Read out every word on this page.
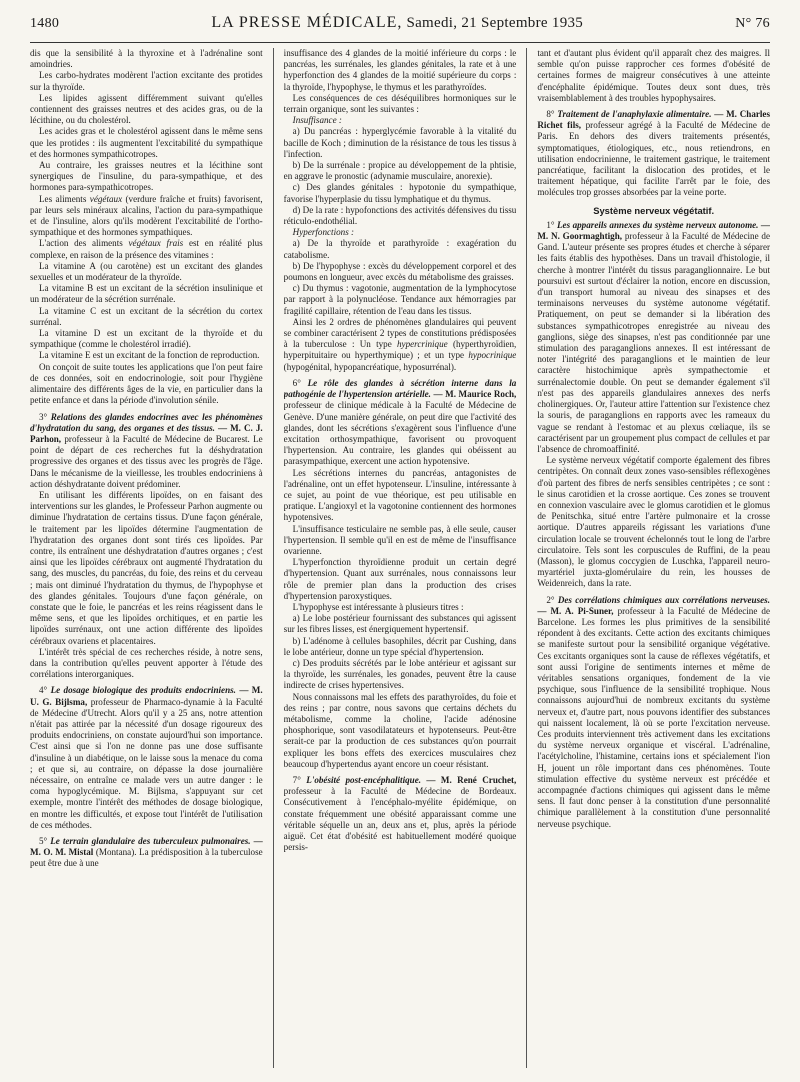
1480	LA PRESSE MÉDICALE, Samedi, 21 Septembre 1935	N° 76

dis que la sensibilité à la thyroxine et à l'adrénaline sont amoindries.

Les carbo-hydrates modèrent l'action excitante des protides sur la thyroïde.

Les lipides agissent différemment suivant qu'elles contiennent des graisses neutres et des acides gras, ou de la lécithine, ou du cholestérol.

Les acides gras et le cholestérol agissent dans le même sens que les protides : ils augmentent l'excitabilité du sympathique et des hormones sympathicotropes.

Au contraire, les graisses neutres et la lécithine sont synergiques de l'insuline, du para-sympathique, et des hormones para-sympathicotropes.

Les aliments végétaux (verdure fraîche et fruits) favorisent, par leurs sels minéraux alcalins, l'action du para-sympathique et de l'insuline, alors qu'ils modèrent l'excitabilité de l'ortho-sympathique et des hormones sympathiques.

L'action des aliments végétaux frais est en réalité plus complexe, en raison de la présence des vitamines :

La vitamine A (ou carotène) est un excitant des glandes sexuelles et un modérateur de la thyroïde.

La vitamine B est un excitant de la sécrétion insulinique et un modérateur de la sécrétion surrénale.

La vitamine C est un excitant de la sécrétion du cortex surrénal.

La vitamine D est un excitant de la thyroïde et du sympathique (comme le cholestérol irradié).

La vitamine E est un excitant de la fonction de reproduction.

On conçoit de suite toutes les applications que l'on peut faire de ces données, soit en endocrinologie, soit pour l'hygiène alimentaire des différents âges de la vie, en particulier dans la petite enfance et dans la période d'involution sénile.

3° Relations des glandes endocrines avec les phénomènes d'hydratation du sang, des organes et des tissus. — M. C. J. Parhon, professeur à la Faculté de Médecine de Bucarest. Le point de départ de ces recherches fut la déshydratation progressive des organes et des tissus avec les progrès de l'âge. Dans le mécanisme de la vieillesse, les troubles endocriniens à action déshydratante doivent prédominer.

En utilisant les différents lipoïdes, on en faisant des interventions sur les glandes, le Professeur Parhon augmente ou diminue l'hydratation de certains tissus. D'une façon générale, le traitement par les lipoïdes détermine l'augmentation de l'hydratation des organes dont sont tirés ces lipoïdes. Par contre, ils entraînent une déshydratation d'autres organes ; c'est ainsi que les lipoïdes cérébraux ont augmenté l'hydratation du sang, des muscles, du pancréas, du foie, des reins et du cerveau ; mais ont diminué l'hydratation du thymus, de l'hypophyse et des glandes génitales. Toujours d'une façon générale, on constate que le foie, le pancréas et les reins réagissent dans le même sens, et que les lipoïdes orchitiques, et en partie les lipoïdes surrénaux, ont une action différente des lipoïdes cérébraux ovariens et placentaires.

L'intérêt très spécial de ces recherches réside, à notre sens, dans la contribution qu'elles peuvent apporter à l'étude des corrélations interorganiques.

4° Le dosage biologique des produits endocriniens. — M. U. G. Bijlsma, professeur de Pharmaco-dynamie à la Faculté de Médecine d'Utrecht. Alors qu'il y a 25 ans, notre attention n'était pas attirée par la nécessité d'un dosage rigoureux des produits endocriniens, on constate aujourd'hui son importance. C'est ainsi que si l'on ne donne pas une dose suffisante d'insuline à un diabétique, on le laisse sous la menace du coma ; et que si, au contraire, on dépasse la dose journalière nécessaire, on entraîne ce malade vers un autre danger : le coma hypoglycémique. M. Bijlsma, s'appuyant sur cet exemple, montre l'intérêt des méthodes de dosage biologique, en montre les difficultés, et expose tout l'intérêt de l'utilisation de ces méthodes.

5° Le terrain glandulaire des tuberculeux pulmonaires. — M. O. M. Mistal (Montana). La prédisposition à la tuberculose peut être due à une

insuffisance des 4 glandes de la moitié inférieure du corps : le pancréas, les surrénales, les glandes génitales, la rate et à une hyperfonction des 4 glandes de la moitié supérieure du corps : la thyroïde, l'hypophyse, le thymus et les parathyroïdes.

Les conséquences de ces déséquilibres hormoniques sur le terrain organique, sont les suivantes :

Insuffisance :

a) Du pancréas : hyperglycémie favorable à la vitalité du bacille de Koch ; diminution de la résistance de tous les tissus à l'infection.

b) De la surrénale : propice au développement de la phtisie, en aggrave le pronostic (adynamie musculaire, anorexie).

c) Des glandes génitales : hypotonie du sympathique, favorise l'hyperplasie du tissu lymphatique et du thymus.

d) De la rate : hypofonctions des activités défensives du tissu réticulo-endothélial.

Hyperfonctions :

a) De la thyroïde et parathyroïde : exagération du catabolisme.

b) De l'hypophyse : excès du développement corporel et des poumons en longueur, avec excès du métabolisme des graisses.

c) Du thymus : vagotonie, augmentation de la lymphocytose par rapport à la polynucléose. Tendance aux hémorragies par fragilité capillaire, rétention de l'eau dans les tissus.

Ainsi les 2 ordres de phénomènes glandulaires qui peuvent se combiner caractérisent 2 types de constitutions prédisposées à la tuberculose : Un type hypercrinique (hyperthyroïdien, hyperpituitaire ou hyperthymique) ; et un type hypocrinique (hypogénital, hypopancréatique, hyposurrénal).

6° Le rôle des glandes à sécrétion interne dans la pathogénie de l'hypertension artérielle. — M. Maurice Roch, professeur de clinique médicale à la Faculté de Médecine de Genève. D'une manière générale, on peut dire que l'activité des glandes, dont les sécrétions s'exagèrent sous l'influence d'une excitation orthosympathique, favorisent ou provoquent l'hypertension. Au contraire, les glandes qui obéissent au parasympathique, exercent une action hypotensive.

Les sécrétions internes du pancréas, antagonistes de l'adrénaline, ont un effet hypotenseur. L'insuline, intéressante à ce sujet, au point de vue théorique, est peu utilisable en pratique. L'angioxyl et la vagotonine contiennent des hormones hypotensives.

L'insuffisance testiculaire ne semble pas, à elle seule, causer l'hypertension. Il semble qu'il en est de même de l'insuffisance ovarienne.

L'hyperfonction thyroïdienne produit un certain degré d'hypertension. Quant aux surrénales, nous connaissons leur rôle de premier plan dans la production des crises d'hypertension paroxystiques.

L'hypophyse est intéressante à plusieurs titres :

a) Le lobe postérieur fournissant des substances qui agissent sur les fibres lisses, est énergiquement hypertensif.

b) L'adénome à cellules basophiles, décrit par Cushing, dans le lobe antérieur, donne un type spécial d'hypertension.

c) Des produits sécrétés par le lobe antérieur et agissant sur la thyroïde, les surrénales, les gonades, peuvent être la cause indirecte de crises hypertensives.

Nous connaissons mal les effets des parathyroïdes, du foie et des reins ; par contre, nous savons que certains déchets du métabolisme, comme la choline, l'acide adénosine phosphorique, sont vasodilatateurs et hypotenseurs. Peut-être serait-ce par la production de ces substances qu'on pourrait expliquer les bons effets des exercices musculaires chez beaucoup d'hypertendus ayant encore un coeur résistant.

7° L'obésité post-encéphalitique. — M. René Cruchet, professeur à la Faculté de Médecine de Bordeaux. Consécutivement à l'encéphalo-myélite épidémique, on constate fréquemment une obésité apparaissant comme une véritable séquelle un an, deux ans et, plus, après la période aiguë. Cet état d'obésité est habituellement modéré quoique persis-

tant et d'autant plus évident qu'il apparaît chez des maigres. Il semble qu'on puisse rapprocher ces formes d'obésité de certaines formes de maigreur consécutives à une atteinte d'encéphalite épidémique. Toutes deux sont dues, très vraisemblablement à des troubles hypophysaires.

8° Traitement de l'anaphylaxie alimentaire. — M. Charles Richet fils, professeur agrégé à la Faculté de Médecine de Paris. En dehors des divers traitements présentés, symptomatiques, étiologiques, etc., nous retiendrons, en utilisation endocrinienne, le traitement gastrique, le traitement pancréatique, facilitant la dislocation des protides, et le traitement hépatique, qui facilite l'arrêt par le foie, des molécules trop grosses absorbées par la veine porte.

Système nerveux végétatif.

1° Les appareils annexes du système nerveux autonome. — M. N. Goormaghtigh, professeur à la Faculté de Médecine de Gand. L'auteur présente ses propres études et cherche à séparer les faits établis des hypothèses. Dans un travail d'histologie, il cherche à montrer l'intérêt du tissus paraganglionnaire. Le but poursuivi est surtout d'éclairer la notion, encore en discussion, d'un transport humoral au niveau des sinapses et des terminaisons nerveuses du système autonome végétatif. Pratiquement, on peut se demander si la libération des substances sympathicotropes enregistrée au niveau des ganglions, siège des sinapses, n'est pas conditionnée par une stimulation des paraganglions annexes. Il est intéressant de noter l'intégrité des paraganglions et le maintien de leur caractère histochimique après sympathectomie et surrénalectomie double. On peut se demander également s'il n'est pas des appareils glandulaires annexes des nerfs cholinergiques. Or, l'auteur attire l'attention sur l'existence chez la souris, de paraganglions en rapports avec les rameaux du vague se rendant à l'estomac et au plexus cœliaque, ils se caractérisent par un groupement plus compact de cellules et par l'absence de chromoaffinité.

Le système nerveux végétatif comporte également des fibres centripètes. On connaît deux zones vaso-sensibles réflexogènes d'où partent des fibres de nerfs sensibles centripètes ; ce sont : le sinus carotidien et la crosse aortique. Ces zones se trouvent en connexion vasculaire avec le glomus carotidien et le glomus de Penitschka, situé entre l'artère pulmonaire et la crosse aortique. D'autres appareils régissant les variations d'une circulation locale se trouvent échelonnés tout le long de l'arbre circulatoire. Tels sont les corpuscules de Ruffini, de la peau (Masson), le glomus coccygien de Luschka, l'appareil neuro-myartériel juxta-glomérulaire du rein, les housses de Weidenreich, dans la rate.

2° Des corrélations chimiques aux corrélations nerveuses. — M. A. Pi-Suner, professeur à la Faculté de Médecine de Barcelone. Les formes les plus primitives de la sensibilité répondent à des excitants. Cette action des excitants chimiques se manifeste surtout pour la sensibilité organique végétative. Ces excitants organiques sont la cause de réflexes végétatifs, et sont aussi l'origine de sentiments internes et même de véritables sensations organiques, fondement de la vie psychique, sous l'influence de la sensibilité trophique. Nous connaissons aujourd'hui de nombreux excitants du système nerveux et, d'autre part, nous pouvons identifier des substances qui naissent localement, là où se porte l'excitation nerveuse. Ces produits interviennent très activement dans les excitations du système nerveux organique et viscéral. L'adrénaline, l'acétylcholine, l'histamine, certains ions et spécialement l'ion H, jouent un rôle important dans ces phénomènes. Toute stimulation effective du système nerveux est précédée et accompagnée d'actions chimiques qui agissent dans le même sens. Il faut donc penser à la constitution d'une personnalité chimique parallèlement à la constitution d'une personnalité nerveuse psychique.
